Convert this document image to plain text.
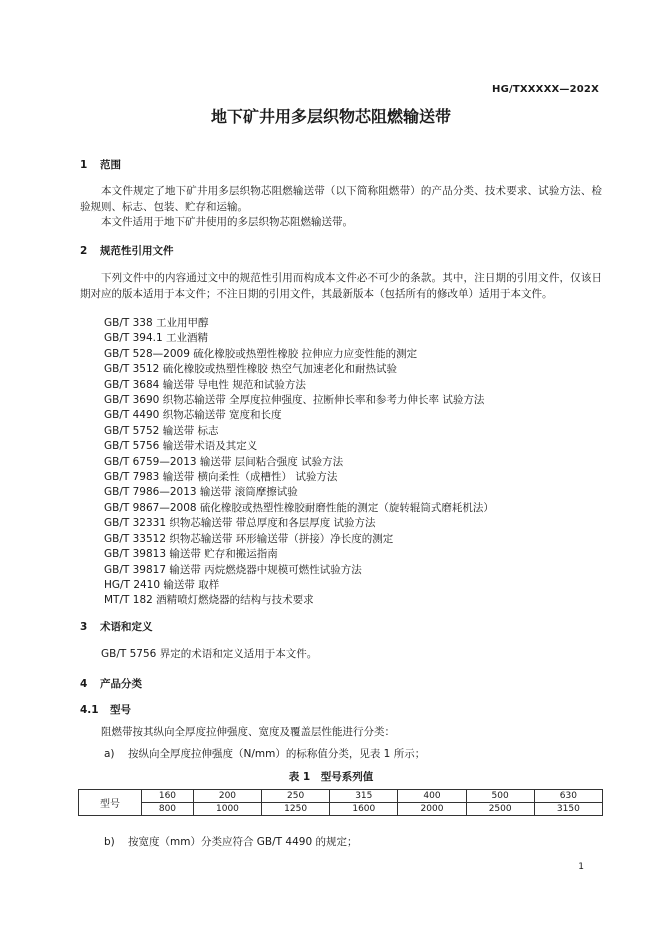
HG/TXXXXX—202X
地下矿井用多层织物芯阻燃输送带
1 范围
本文件规定了地下矿井用多层织物芯阻燃输送带（以下简称阻燃带）的产品分类、技术要求、试验方法、检验规则、标志、包装、贮存和运输。
本文件适用于地下矿井使用的多层织物芯阻燃输送带。
2 规范性引用文件
下列文件中的内容通过文中的规范性引用而构成本文件必不可少的条款。其中，注日期的引用文件，仅该日期对应的版本适用于本文件；不注日期的引用文件，其最新版本（包括所有的修改单）适用于本文件。
GB/T 338 工业用甲醇
GB/T 394.1 工业酒精
GB/T 528—2009 硫化橡胶或热塑性橡胶 拉伸应力应变性能的测定
GB/T 3512 硫化橡胶或热塑性橡胶 热空气加速老化和耐热试验
GB/T 3684 输送带 导电性 规范和试验方法
GB/T 3690 织物芯输送带 全厚度拉伸强度、拉断伸长率和参考力伸长率 试验方法
GB/T 4490 织物芯输送带 宽度和长度
GB/T 5752 输送带 标志
GB/T 5756 输送带术语及其定义
GB/T 6759—2013 输送带 层间粘合强度 试验方法
GB/T 7983 输送带 横向柔性（成槽性） 试验方法
GB/T 7986—2013 输送带 滚筒摩擦试验
GB/T 9867—2008 硫化橡胶或热塑性橡胶耐磨性能的测定（旋转辊筒式磨耗机法）
GB/T 32331 织物芯输送带 带总厚度和各层厚度 试验方法
GB/T 33512 织物芯输送带 环形输送带（拼接）净长度的测定
GB/T 39813 输送带 贮存和搬运指南
GB/T 39817 输送带 丙烷燃烧器中规模可燃性试验方法
HG/T 2410 输送带 取样
MT/T 182 酒精喷灯燃烧器的结构与技术要求
3 术语和定义
GB/T 5756 界定的术语和定义适用于本文件。
4 产品分类
4.1 型号
阻燃带按其纵向全厚度拉伸强度、宽度及覆盖层性能进行分类：
a) 按纵向全厚度拉伸强度（N/mm）的标称值分类，见表 1 所示；
表 1　型号系列值
型号	160	200	250	315	400	500	630
	800	1000	1250	1600	2000	2500	3150
b) 按宽度（mm）分类应符合 GB/T 4490 的规定；
1
